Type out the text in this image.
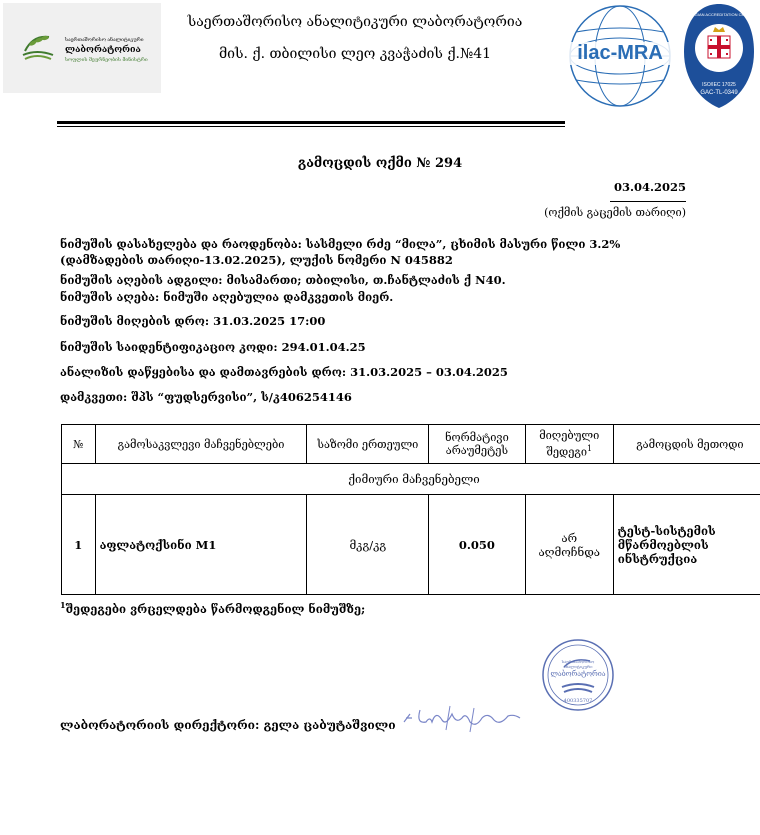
საერთაშორისო ანალიტიკური
ლაბორატორია
სოფლის მეურნეობის მინისტრი
საერთაშორისო ანალიტიკური ლაბორატორია
მის. ქ. თბილისი ლეო კვაჭაძის ქ.№41	ilac-MRA
GEORGIAN ACCREDITATION CENTER
ISO/IEC 17025
GAC-TL-0349
გამოცდის ოქმი № 294
03.04.2025
(ოქმის გაცემის თარიღი)
ნიმუშის დასახელება და რაოდენობა: სასმელი რძე “მილა”, ცხიმის მასური წილი 3.2% (დამზადების თარიღი-13.02.2025), ლუქის ნომერი N 045882
ნიმუშის აღების ადგილი: მისამართი; თბილისი, თ.ჩანტლაძის ქ N40.
ნიმუშის აღება: ნიმუში აღებულია დამკვეთის მიერ.
ნიმუშის მიღების დრო: 31.03.2025 17:00
ნიმუშის საიდენტიფიკაციო კოდი: 294.01.04.25
ანალიზის დაწყებისა და დამთავრების დრო: 31.03.2025 – 03.04.2025
დამკვეთი: შპს “ფუდსერვისი”, ს/კ406254146
№	გამოსაკვლევი მაჩვენებლები	საზომი ერთეული	ნორმატივი არაუმეტეს	მიღებული შედეგი$^1$	გამოცდის მეთოდი
ქიმიური მაჩვენებელი					
1	აფლატოქსინი M1	მკგ/კგ	0.050	არ აღმოჩნდა	ტესტ-სისტემის მწარმოებლის ინსტრუქცია
$^1$შედეგები ვრცელდება წარმოდგენილ ნიმუშზე;
საერთაშორისო ანალიტიკური
ლაბორატორია
400335707
ლაბორატორიის დირექტორი: გელა ცაბუტაშვილი
